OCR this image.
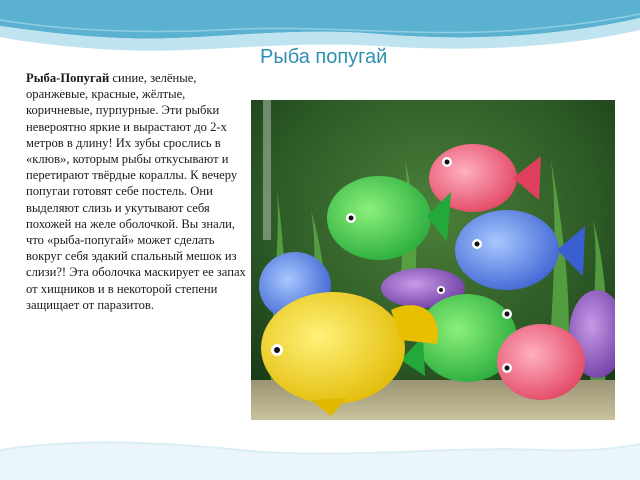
Рыба попугай
Рыба-Попугай синие, зелёные, оранжевые, красные, жёлтые, коричневые, пурпурные. Эти рыбки невероятно яркие и вырастают до 2-х метров в длину! Их зубы срослись в «клюв», которым рыбы откусывают и перетирают твёрдые кораллы. К вечеру попугаи готовят себе постель. Они выделяют слизь и укутывают себя похожей на желе оболочкой. Вы знали, что «рыба-попугай» может сделать вокруг себя эдакий спальный мешок из слизи?! Эта оболочка маскирует ее запах от хищников и в некоторой степени защищает от паразитов.
